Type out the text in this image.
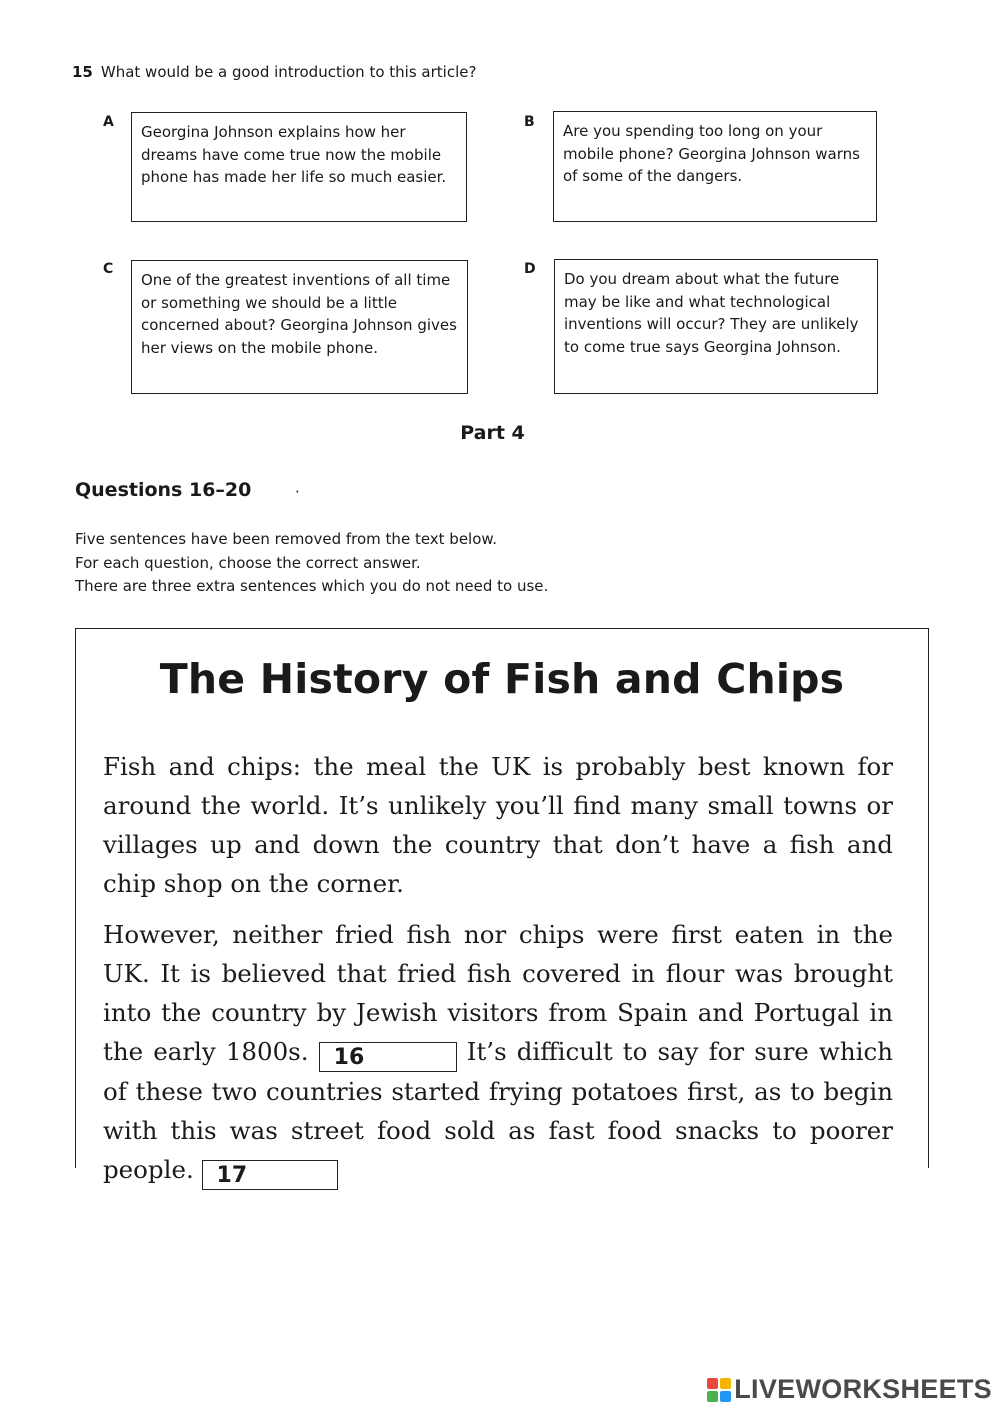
15 What would be a good introduction to this article?
A
Georgina Johnson explains how her dreams have come true now the mobile phone has made her life so much easier.
B	Are you spending too long on your mobile phone? Georgina Johnson warns of some of the dangers.
C
One of the greatest inventions of all time or something we should be a little concerned about? Georgina Johnson gives her views on the mobile phone.
D
Do you dream about what the future may be like and what technological inventions will occur? They are unlikely to come true says Georgina Johnson.
Part 4
Questions 16–20	·
Five sentences have been removed from the text below.
For each question, choose the correct answer.
There are three extra sentences which you do not need to use.
The History of Fish and Chips

Fish and chips: the meal the UK is probably best known for around the world. It’s unlikely you’ll find many small towns or villages up and down the country that don’t have a fish and chip shop on the corner.

However, neither fried fish nor chips were first eaten in the UK. It is believed that fried fish covered in flour was brought into the country by Jewish visitors from Spain and Portugal in the early 1800s. 16	It’s difficult to say for sure which of these two countries started frying potatoes first, as to begin with this was street food sold as fast food snacks to poorer people. 17

LIVEWORKSHEETS
